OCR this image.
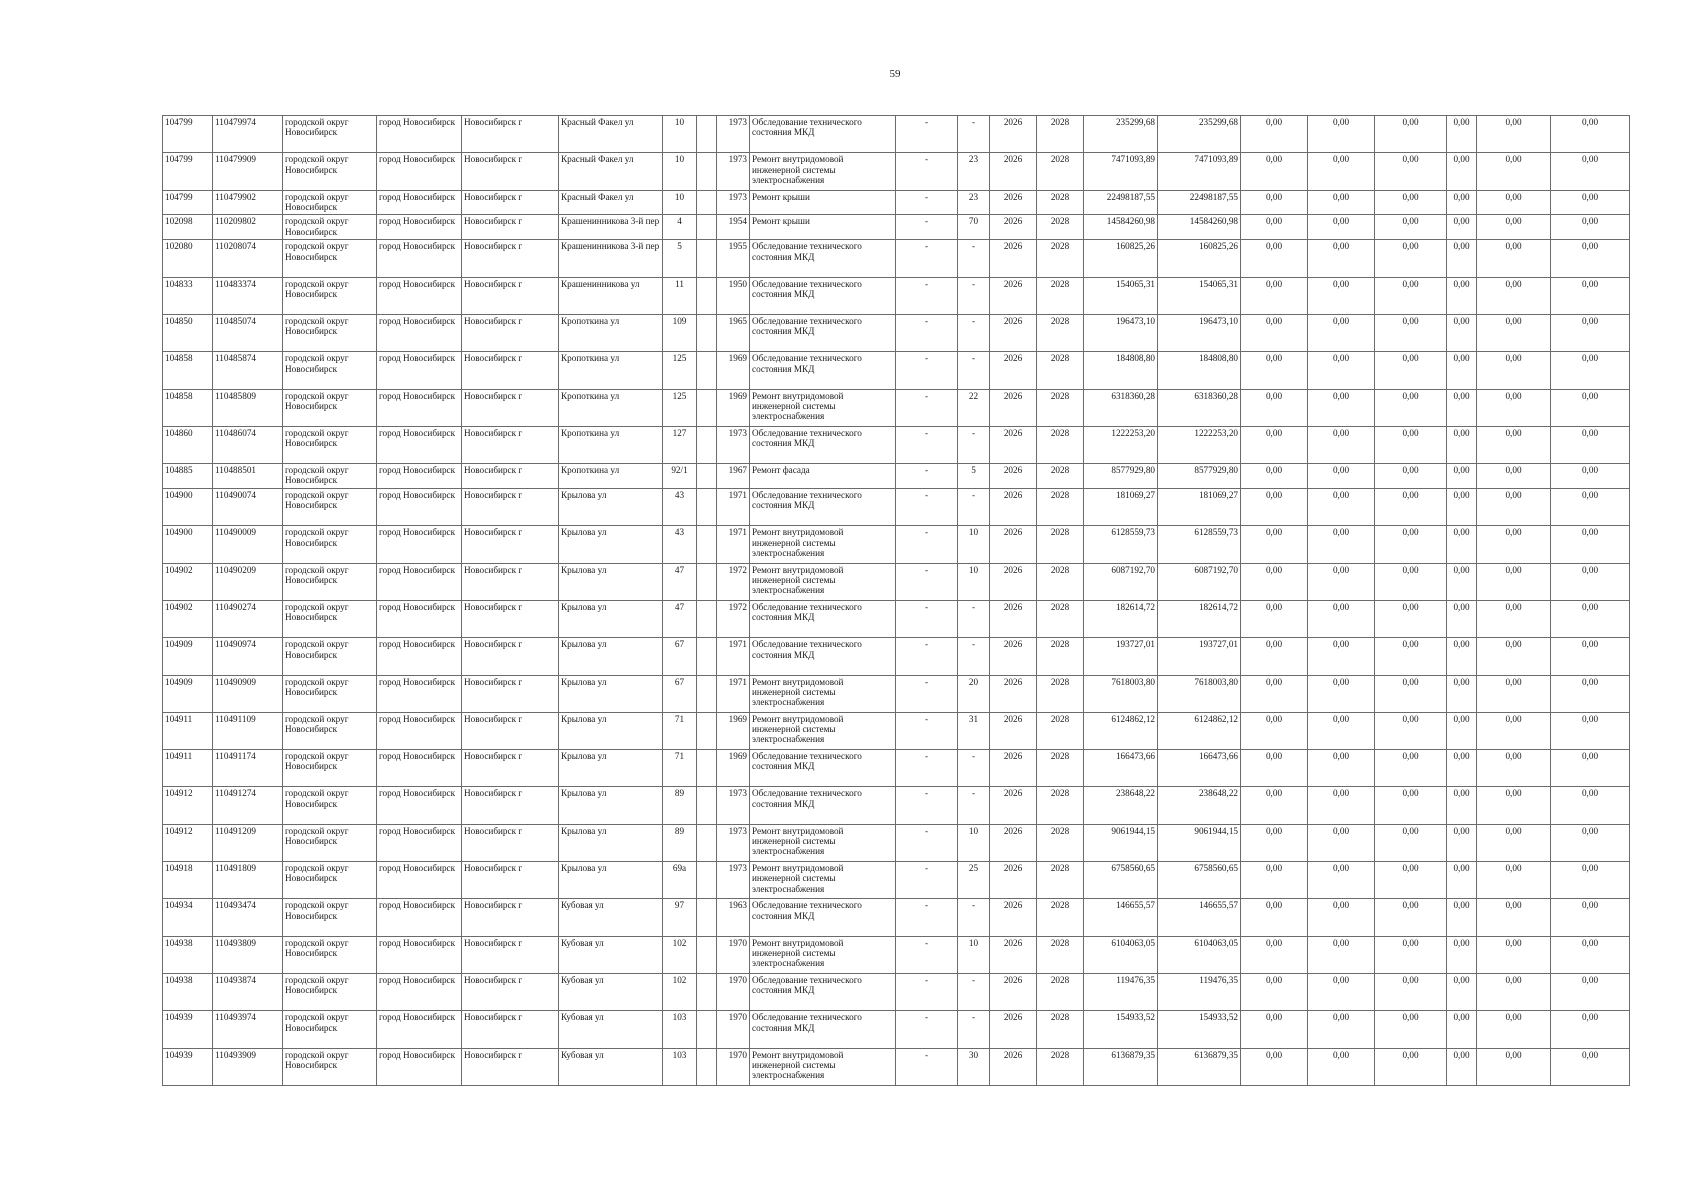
59
104799	110479974	городской округ Новосибирск	город Новосибирск	Новосибирск г	Красный Факел ул	10		1973	Обследование технического состояния МКД	-	-	2026	2028	235299,68	235299,68	0,00	0,00	0,00	0,00	0,00	0,00
104799	110479909	городской округ Новосибирск	город Новосибирск	Новосибирск г	Красный Факел ул	10		1973	Ремонт внутридомовой инженерной системы электроснабжения	-	23	2026	2028	7471093,89	7471093,89	0,00	0,00	0,00	0,00	0,00	0,00
104799	110479902	городской округ Новосибирск	город Новосибирск	Новосибирск г	Красный Факел ул	10		1973	Ремонт крыши	-	23	2026	2028	22498187,55	22498187,55	0,00	0,00	0,00	0,00	0,00	0,00
102098	110209802	городской округ Новосибирск	город Новосибирск	Новосибирск г	Крашенинникова 3-й пер	4		1954	Ремонт крыши	-	70	2026	2028	14584260,98	14584260,98	0,00	0,00	0,00	0,00	0,00	0,00
102080	110208074	городской округ Новосибирск	город Новосибирск	Новосибирск г	Крашенинникова 3-й пер	5		1955	Обследование технического состояния МКД	-	-	2026	2028	160825,26	160825,26	0,00	0,00	0,00	0,00	0,00	0,00
104833	110483374	городской округ Новосибирск	город Новосибирск	Новосибирск г	Крашенинникова ул	11		1950	Обследование технического состояния МКД	-	-	2026	2028	154065,31	154065,31	0,00	0,00	0,00	0,00	0,00	0,00
104850	110485074	городской округ Новосибирск	город Новосибирск	Новосибирск г	Кропоткина ул	109		1965	Обследование технического состояния МКД	-	-	2026	2028	196473,10	196473,10	0,00	0,00	0,00	0,00	0,00	0,00
104858	110485874	городской округ Новосибирск	город Новосибирск	Новосибирск г	Кропоткина ул	125		1969	Обследование технического состояния МКД	-	-	2026	2028	184808,80	184808,80	0,00	0,00	0,00	0,00	0,00	0,00
104858	110485809	городской округ Новосибирск	город Новосибирск	Новосибирск г	Кропоткина ул	125		1969	Ремонт внутридомовой инженерной системы электроснабжения	-	22	2026	2028	6318360,28	6318360,28	0,00	0,00	0,00	0,00	0,00	0,00
104860	110486074	городской округ Новосибирск	город Новосибирск	Новосибирск г	Кропоткина ул	127		1973	Обследование технического состояния МКД	-	-	2026	2028	1222253,20	1222253,20	0,00	0,00	0,00	0,00	0,00	0,00
104885	110488501	городской округ Новосибирск	город Новосибирск	Новосибирск г	Кропоткина ул	92/1		1967	Ремонт фасада	-	5	2026	2028	8577929,80	8577929,80	0,00	0,00	0,00	0,00	0,00	0,00
104900	110490074	городской округ Новосибирск	город Новосибирск	Новосибирск г	Крылова ул	43		1971	Обследование технического состояния МКД	-	-	2026	2028	181069,27	181069,27	0,00	0,00	0,00	0,00	0,00	0,00
104900	110490009	городской округ Новосибирск	город Новосибирск	Новосибирск г	Крылова ул	43		1971	Ремонт внутридомовой инженерной системы электроснабжения	-	10	2026	2028	6128559,73	6128559,73	0,00	0,00	0,00	0,00	0,00	0,00
104902	110490209	городской округ Новосибирск	город Новосибирск	Новосибирск г	Крылова ул	47		1972	Ремонт внутридомовой инженерной системы электроснабжения	-	10	2026	2028	6087192,70	6087192,70	0,00	0,00	0,00	0,00	0,00	0,00
104902	110490274	городской округ Новосибирск	город Новосибирск	Новосибирск г	Крылова ул	47		1972	Обследование технического состояния МКД	-	-	2026	2028	182614,72	182614,72	0,00	0,00	0,00	0,00	0,00	0,00
104909	110490974	городской округ Новосибирск	город Новосибирск	Новосибирск г	Крылова ул	67		1971	Обследование технического состояния МКД	-	-	2026	2028	193727,01	193727,01	0,00	0,00	0,00	0,00	0,00	0,00
104909	110490909	городской округ Новосибирск	город Новосибирск	Новосибирск г	Крылова ул	67		1971	Ремонт внутридомовой инженерной системы электроснабжения	-	20	2026	2028	7618003,80	7618003,80	0,00	0,00	0,00	0,00	0,00	0,00
104911	110491109	городской округ Новосибирск	город Новосибирск	Новосибирск г	Крылова ул	71		1969	Ремонт внутридомовой инженерной системы электроснабжения	-	31	2026	2028	6124862,12	6124862,12	0,00	0,00	0,00	0,00	0,00	0,00
104911	110491174	городской округ Новосибирск	город Новосибирск	Новосибирск г	Крылова ул	71		1969	Обследование технического состояния МКД	-	-	2026	2028	166473,66	166473,66	0,00	0,00	0,00	0,00	0,00	0,00
104912	110491274	городской округ Новосибирск	город Новосибирск	Новосибирск г	Крылова ул	89		1973	Обследование технического состояния МКД	-	-	2026	2028	238648,22	238648,22	0,00	0,00	0,00	0,00	0,00	0,00
104912	110491209	городской округ Новосибирск	город Новосибирск	Новосибирск г	Крылова ул	89		1973	Ремонт внутридомовой инженерной системы электроснабжения	-	10	2026	2028	9061944,15	9061944,15	0,00	0,00	0,00	0,00	0,00	0,00
104918	110491809	городской округ Новосибирск	город Новосибирск	Новосибирск г	Крылова ул	69а		1973	Ремонт внутридомовой инженерной системы электроснабжения	-	25	2026	2028	6758560,65	6758560,65	0,00	0,00	0,00	0,00	0,00	0,00
104934	110493474	городской округ Новосибирск	город Новосибирск	Новосибирск г	Кубовая ул	97		1963	Обследование технического состояния МКД	-	-	2026	2028	146655,57	146655,57	0,00	0,00	0,00	0,00	0,00	0,00
104938	110493809	городской округ Новосибирск	город Новосибирск	Новосибирск г	Кубовая ул	102		1970	Ремонт внутридомовой инженерной системы электроснабжения	-	10	2026	2028	6104063,05	6104063,05	0,00	0,00	0,00	0,00	0,00	0,00
104938	110493874	городской округ Новосибирск	город Новосибирск	Новосибирск г	Кубовая ул	102		1970	Обследование технического состояния МКД	-	-	2026	2028	119476,35	119476,35	0,00	0,00	0,00	0,00	0,00	0,00
104939	110493974	городской округ Новосибирск	город Новосибирск	Новосибирск г	Кубовая ул	103		1970	Обследование технического состояния МКД	-	-	2026	2028	154933,52	154933,52	0,00	0,00	0,00	0,00	0,00	0,00
104939	110493909	городской округ Новосибирск	город Новосибирск	Новосибирск г	Кубовая ул	103		1970	Ремонт внутридомовой инженерной системы электроснабжения	-	30	2026	2028	6136879,35	6136879,35	0,00	0,00	0,00	0,00	0,00	0,00
